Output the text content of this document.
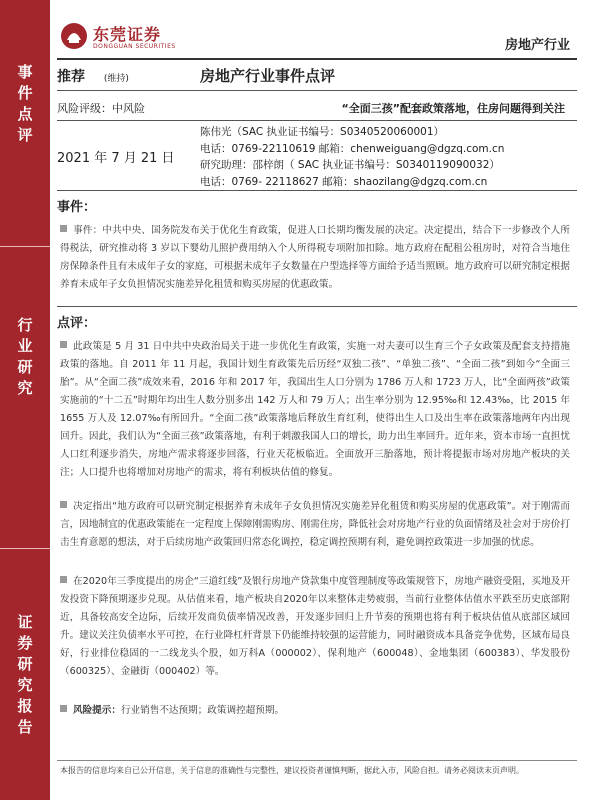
事
件
点
评
行
业
研
究
证
券
研
究
报
告
东莞证券
DONGGUAN SECURITIES	房地产行业
推荐 (维持)	房地产行业事件点评
风险评级：中风险	“全面三孩”配套政策落地，住房问题得到关注
2021 年 7 月 21 日
陈伟光（SAC 执业证书编号：S0340520060001）
电话：0769-22110619 邮箱：chenweiguang@dgzq.com.cn
研究助理：邵梓朗（ SAC 执业证书编号：S0340119090032）
电话：0769- 22118627 邮箱：shaozilang@dgzq.com.cn
事件：
事件：中共中央、国务院发布关于优化生育政策，促进人口长期均衡发展的决定。决定提出，结合下一步修改个人所得税法，研究推动将 3 岁以下婴幼儿照护费用纳入个人所得税专项附加扣除。地方政府在配租公租房时，对符合当地住房保障条件且有未成年子女的家庭，可根据未成年子女数量在户型选择等方面给予适当照顾。地方政府可以研究制定根据养育未成年子女负担情况实施差异化租赁和购买房屋的优惠政策。
点评：
此政策是 5 月 31 日中共中央政治局关于进一步优化生育政策，实施一对夫妻可以生育三个子女政策及配套支持措施政策的落地。自 2011 年 11 月起，我国计划生育政策先后历经“双独二孩”、“单独二孩”、“全面二孩”到如今“全面三胎”。从“全面二孩”成效来看，2016 年和 2017 年，我国出生人口分别为 1786 万人和 1723 万人，比“全面两孩”政策实施前的“十二五”时期年均出生人数分别多出 142 万人和 79 万人；出生率分别为 12.95‰和 12.43‰，比 2015 年 1655 万人及 12.07‰有所回升。“全面二孩”政策落地后释放生育红利，使得出生人口及出生率在政策落地两年内出现回升。因此，我们认为“全面三孩”政策落地，有利于刺激我国人口的增长，助力出生率回升。近年来，资本市场一直担忧人口红利逐步消失，房地产需求将逐步回落，行业天花板临近。全面放开三胎落地，预计将提振市场对房地产板块的关注；人口提升也将增加对房地产的需求，将有利板块估值的修复。
决定指出“地方政府可以研究制定根据养育未成年子女负担情况实施差异化租赁和购买房屋的优惠政策”。对于刚需而言，因地制宜的优惠政策能在一定程度上保障刚需购房、刚需住房，降低社会对房地产行业的负面情绪及社会对于房价打击生育意愿的想法，对于后续房地产政策回归常态化调控，稳定调控预期有利，避免调控政策进一步加强的忧虑。
在2020年三季度提出的房企“三道红线”及银行房地产贷款集中度管理制度等政策规管下，房地产融资受阻，买地及开发投资下降预期逐步兑现。从估值来看，地产板块自2020年以来整体走势疲弱，当前行业整体估值水平跌至历史底部附近，具备较高安全边际，后续开发商负债率情况改善，开发逐步回归上升节奏的预期也将有利于板块估值从底部区域回升。建议关注负债率水平可控，在行业降杠杆背景下仍能维持较强的运营能力，同时融资成本具备竞争优势，区域布局良好，行业排位稳固的一二线龙头个股，如万科A（000002）、保利地产（600048）、金地集团（600383）、华发股份（600325）、金融街（000402）等。
风险提示：行业销售不达预期；政策调控超预期。
本报告的信息均来自已公开信息，关于信息的准确性与完整性，建议投资者谨慎判断，据此入市，风险自担。请务必阅读末页声明。
